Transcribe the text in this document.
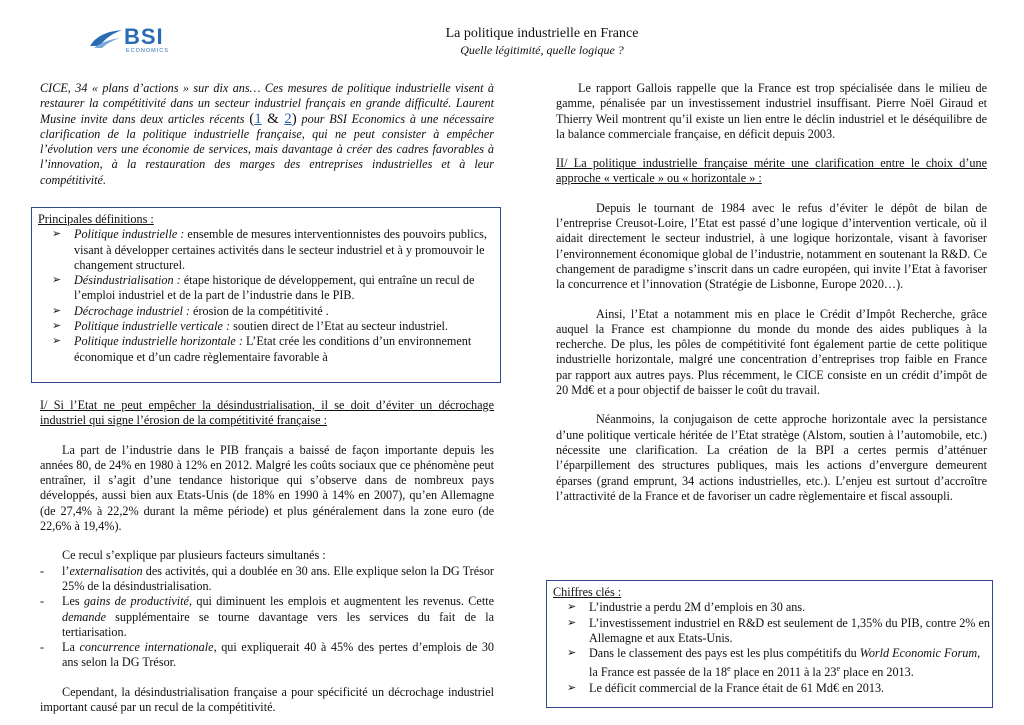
BSI
ECONOMICS
La politique industrielle en France
Quelle légitimité, quelle logique ?
CICE, 34 « plans d’actions » sur dix ans… Ces mesures de politique industrielle visent à restaurer la compétitivité dans un secteur industriel français en grande difficulté. Laurent Musine invite dans deux articles récents (1 & 2) pour BSI Economics à une nécessaire clarification de la politique industrielle française, qui ne peut consister à empêcher l’évolution vers une économie de services, mais davantage à créer des cadres favorables à l’innovation, à la restauration des marges des entreprises industrielles et à leur compétitivité.
Principales définitions :
➢ Politique industrielle : ensemble de mesures interventionnistes des pouvoirs publics, visant à développer certaines activités dans le secteur industriel et à y promouvoir le changement structurel.
➢ Désindustrialisation : étape historique de développement, qui entraîne un recul de l’emploi industriel et de la part de l’industrie dans le PIB.
➢ Décrochage industriel : érosion de la compétitivité .
➢ Politique industrielle verticale : soutien direct de l’Etat au secteur industriel.
➢ Politique industrielle horizontale : L’Etat crée les conditions d’un environnement économique et d’un cadre règlementaire favorable à

I/ Si l’Etat ne peut empêcher la désindustrialisation, il se doit d’éviter un décrochage industriel qui signe l’érosion de la compétitivité française :

La part de l’industrie dans le PIB français a baissé de façon importante depuis les années 80, de 24% en 1980 à 12% en 2012. Malgré les coûts sociaux que ce phénomène peut entraîner, il s’agit d’une tendance historique qui s’observe dans de nombreux pays développés, aussi bien aux Etats-Unis (de 18% en 1990 à 14% en 2007), qu’en Allemagne (de 27,4% à 22,2% durant la même période) et plus généralement dans la zone euro (de 22,6% à 19,4%).

Ce recul s’explique par plusieurs facteurs simultanés :

- l’externalisation des activités, qui a doublée en 30 ans. Elle explique selon la DG Trésor 25% de la désindustrialisation.
- Les gains de productivité, qui diminuent les emplois et augmentent les revenus. Cette demande supplémentaire se tourne davantage vers les services du fait de la tertiarisation.
- La concurrence internationale, qui expliquerait 40 à 45% des pertes d’emplois de 30 ans selon la DG Trésor.

Cependant, la désindustrialisation française a pour spécificité un décrochage industriel important causé par un recul de la compétitivité.

Le rapport Gallois rappelle que la France est trop spécialisée dans le milieu de gamme, pénalisée par un investissement industriel insuffisant. Pierre Noël Giraud et Thierry Weil montrent qu’il existe un lien entre le déclin industriel et le déséquilibre de la balance commerciale française, en déficit depuis 2003.

II/ La politique industrielle française mérite une clarification entre le choix d’une approche « verticale » ou « horizontale » :

Depuis le tournant de 1984 avec le refus d’éviter le dépôt de bilan de l’entreprise Creusot-Loire, l’Etat est passé d’une logique d’intervention verticale, où il aidait directement le secteur industriel, à une logique horizontale, visant à favoriser l’environnement économique global de l’industrie, notamment en soutenant la R&D. Ce changement de paradigme s’inscrit dans un cadre européen, qui invite l’Etat à favoriser la concurrence et l’innovation (Stratégie de Lisbonne, Europe 2020…).

Ainsi, l’Etat a notamment mis en place le Crédit d’Impôt Recherche, grâce auquel la France est championne du monde du monde des aides publiques à la recherche. De plus, les pôles de compétitivité font également partie de cette politique industrielle horizontale, malgré une concentration d’entreprises trop faible en France par rapport aux autres pays. Plus récemment, le CICE consiste en un crédit d’impôt de 20 Md€ et a pour objectif de baisser le coût du travail.

Néanmoins, la conjugaison de cette approche horizontale avec la persistance d’une politique verticale héritée de l’Etat stratège (Alstom, soutien à l’automobile, etc.) nécessite une clarification. La création de la BPI a certes permis d’atténuer l’éparpillement des structures publiques, mais les actions d’envergure demeurent éparses (grand emprunt, 34 actions industrielles, etc.). L’enjeu est surtout d’accroître l’attractivité de la France et de favoriser un cadre règlementaire et fiscal assoupli.

Chiffres clés :
➢ L’industrie a perdu 2M d’emplois en 30 ans.
➢ L’investissement industriel en R&D est seulement de 1,35% du PIB, contre 2% en Allemagne et aux Etats-Unis.
➢ Dans le classement des pays est les plus compétitifs du World Economic Forum, la France est passée de la 18e place en 2011 à la 23e place en 2013.
➢ Le déficit commercial de la France était de 61 Md€ en 2013.
